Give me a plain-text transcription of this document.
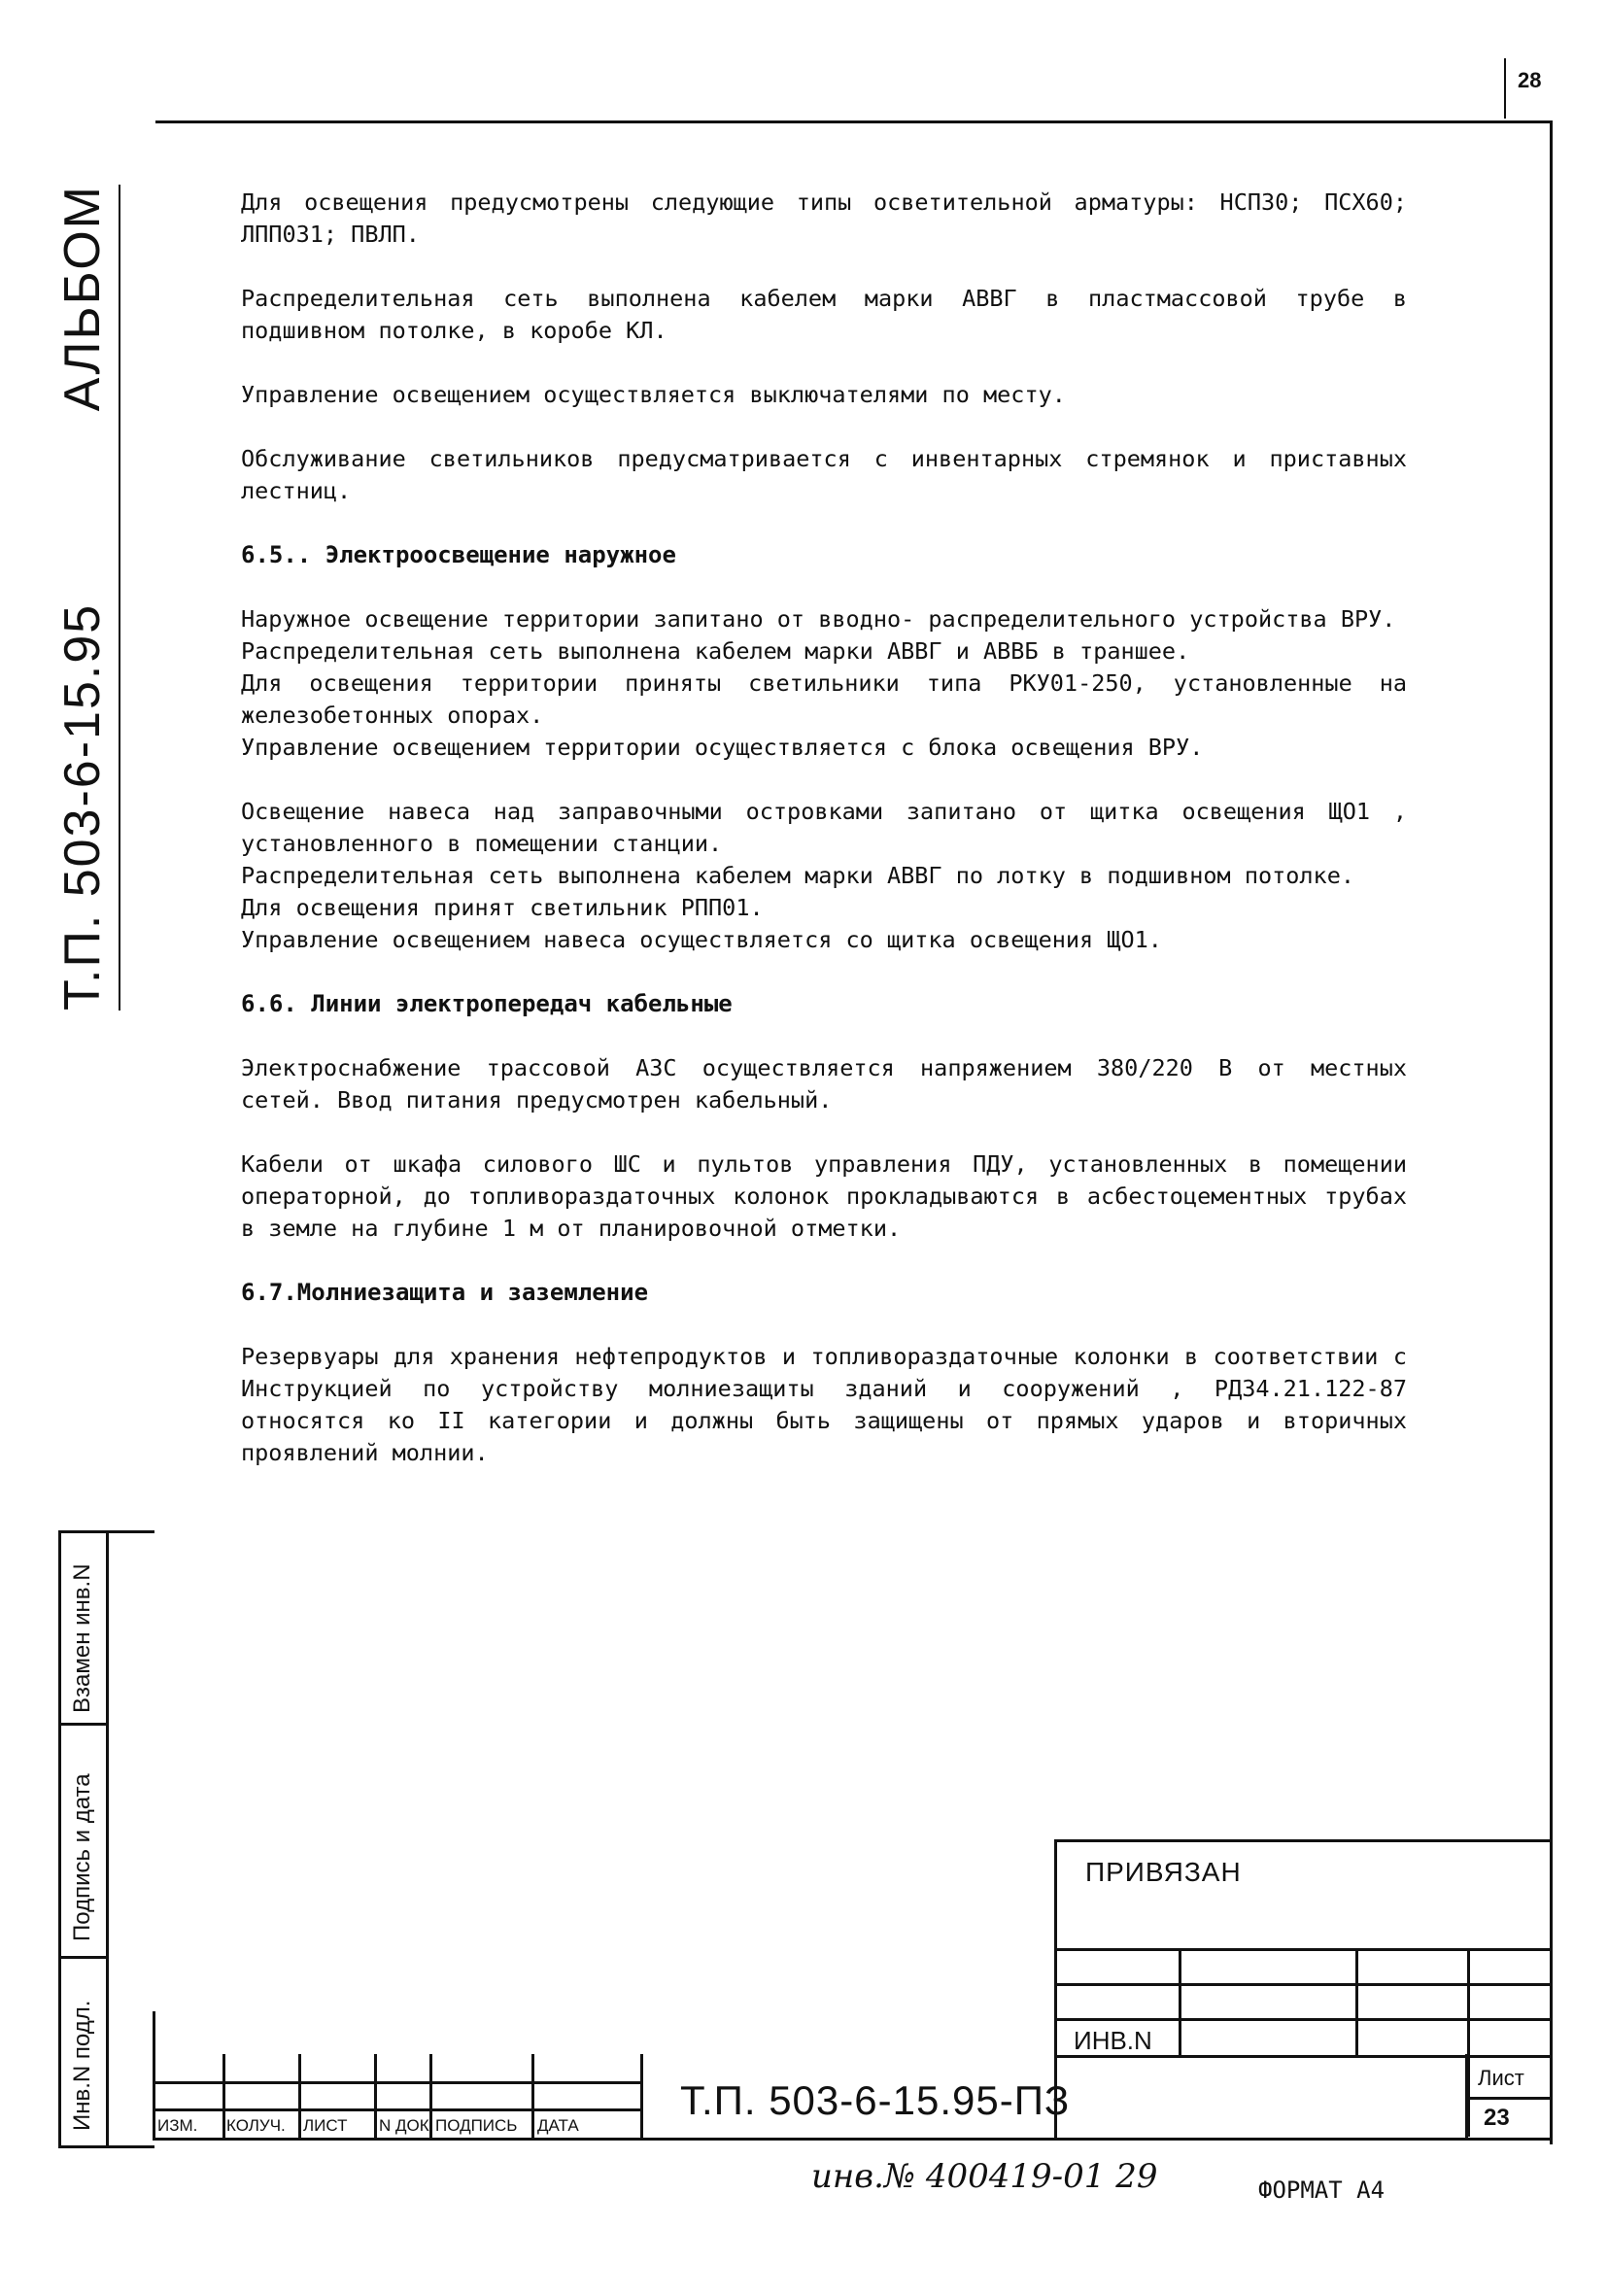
28
Т.П. 503-6-15.95
АЛЬБОМ
Взамен инв.N
Подпись и дата
Инв.N подл.

Для освещения предусмотрены следующие типы осветительной арматуры: НСП30; ПСХ60; ЛПП031; ПВЛП.

Распределительная сеть выполнена кабелем марки АВВГ в пластмассовой трубе в подшивном потолке, в коробе КЛ.

Управление освещением осуществляется выключателями по месту.

Обслуживание светильников предусматривается с инвентарных стремянок и приставных лестниц.

6.5.. Электроосвещение наружное

Наружное освещение территории запитано от вводно- распределительного устройства ВРУ.

Распределительная сеть выполнена кабелем марки АВВГ и АВВБ в траншее.

Для освещения территории приняты светильники типа РКУ01-250, установленные на железобетонных опорах.

Управление освещением территории осуществляется с блока освещения ВРУ.

Освещение навеса над заправочными островками запитано от щитка освещения ЩО1 , установленного в помещении станции.

Распределительная сеть выполнена кабелем марки АВВГ по лотку в подшивном потолке.

Для освещения принят светильник РПП01.

Управление освещением навеса осуществляется со щитка освещения ЩО1.

6.6. Линии электропередач кабельные

Электроснабжение трассовой АЗС осуществляется напряжением 380/220 В от местных сетей. Ввод питания предусмотрен кабельный.

Кабели от шкафа силового ШС и пультов управления ПДУ, установленных в помещении операторной, до топливораздаточных колонок прокладываются в асбестоцементных трубах в земле на глубине 1 м от планировочной отметки.

6.7.Молниезащита и заземление

Резервуары для хранения нефтепродуктов и топливораздаточные колонки в соответствии с Инструкцией по устройству молниезащиты зданий и сооружений , РД34.21.122-87 относятся ко II категории и должны быть защищены от прямых ударов и вторичных проявлений молнии.

ПРИВЯЗАН
ИНВ.N
ИЗМ. КОЛУЧ. ЛИСТ N ДОК. ПОДПИСЬ ДАТА
Т.П. 503-6-15.95-ПЗ	Лист
23
инв.№ 400419-01 29	ФОРМАТ А4
